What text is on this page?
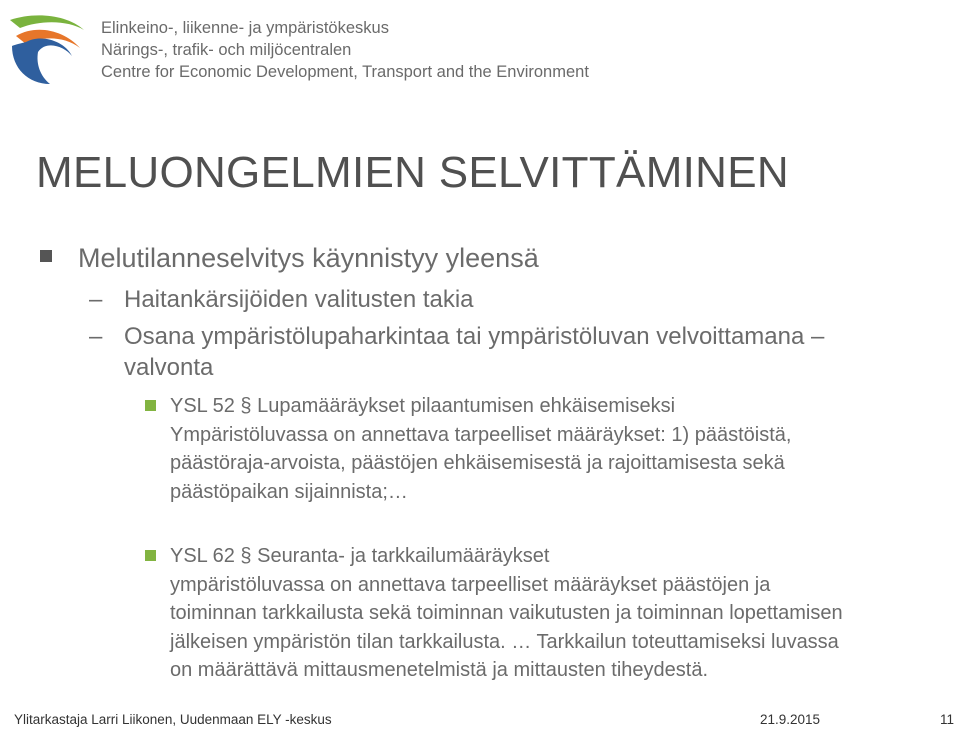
Elinkeino-, liikenne- ja ympäristökeskus
Närings-, trafik- och miljöcentralen
Centre for Economic Development, Transport and the Environment
MELUONGELMIEN SELVITTÄMINEN
Melutilanneselvitys käynnistyy yleensä
– Haitankärsijöiden valitusten takia
– Osana ympäristölupaharkintaa tai ympäristöluvan velvoittamana –
valvonta
YSL 52 § Lupamääräykset pilaantumisen ehkäisemiseksi
Ympäristöluvassa on annettava tarpeelliset määräykset: 1) päästöistä,
päästöraja-arvoista, päästöjen ehkäisemisestä ja rajoittamisesta sekä
päästöpaikan sijainnista;…
YSL 62 § Seuranta- ja tarkkailumääräykset
ympäristöluvassa on annettava tarpeelliset määräykset päästöjen ja
toiminnan tarkkailusta sekä toiminnan vaikutusten ja toiminnan lopettamisen
jälkeisen ympäristön tilan tarkkailusta. … Tarkkailun toteuttamiseksi luvassa
on määrättävä mittausmenetelmistä ja mittausten tiheydestä.
Ylitarkastaja Larri Liikonen, Uudenmaan ELY -keskus	21.9.2015	11
